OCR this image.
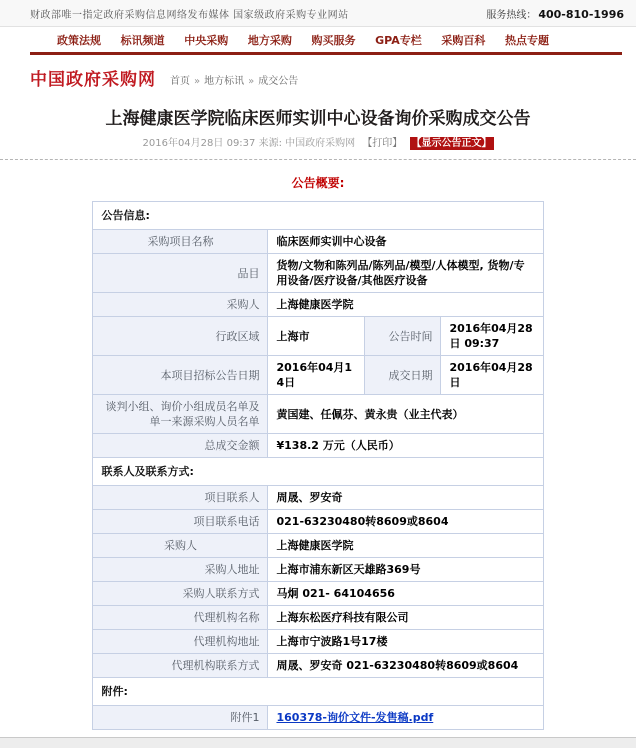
财政部唯一指定政府采购信息网络发布媒体 国家级政府采购专业网站	服务热线： 400-810-1996
政策法规 标讯频道 中央采购 地方采购 购买服务 GPA专栏 采购百科 热点专题
中国政府采购网 首页 » 地方标讯 » 成交公告
上海健康医学院临床医师实训中心设备询价采购成交公告
2016年04月28日 09:37 来源: 中国政府采购网 【打印】 【显示公告正文】
公告概要:
公告信息:			
采购项目名称	临床医师实训中心设备		
品目	货物/文物和陈列品/陈列品/模型/人体模型, 货物/专用设备/医疗设备/其他医疗设备		
采购人	上海健康医学院		
行政区域	上海市	公告时间	2016年04月28日 09:37
本项目招标公告日期	2016年04月14日	成交日期	2016年04月28日
谈判小组、询价小组成员名单及单一来源采购人员名单	黄国建、任佩芬、黄永贵（业主代表）		
总成交金额	¥138.2 万元（人民币）		
联系人及联系方式:			
项目联系人	周晟、罗安奇		
项目联系电话	021-63230480转8609或8604		
采购人	上海健康医学院		
采购人地址	上海市浦东新区天雄路369号		
采购人联系方式	马炯 021- 64104656		
代理机构名称	上海东松医疗科技有限公司		
代理机构地址	上海市宁波路1号17楼		
代理机构联系方式	周晟、罗安奇 021-63230480转8609或8604		
附件:			
附件1	160378-询价文件-发售稿.pdf		
